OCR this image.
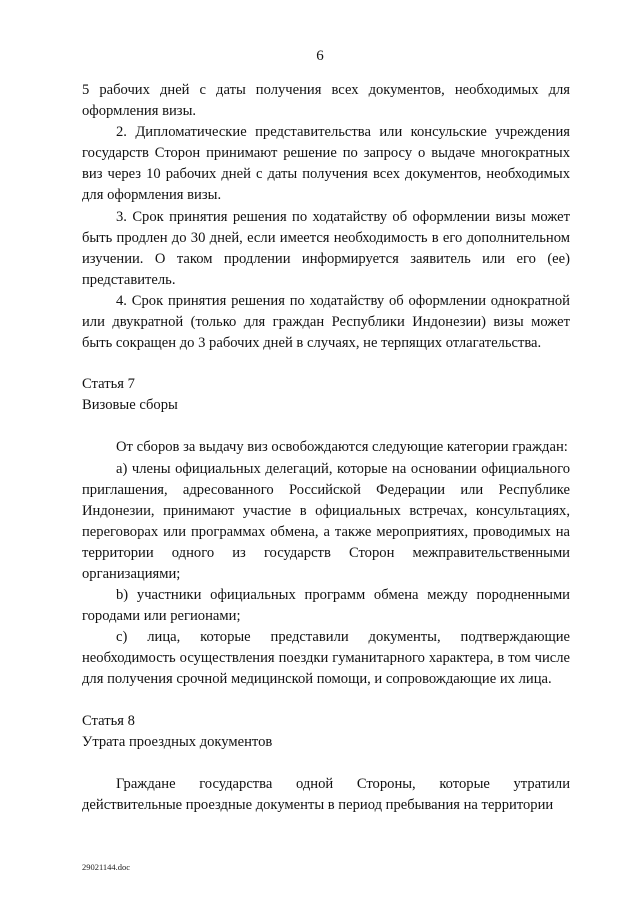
6

5 рабочих дней с даты получения всех документов, необходимых для оформления визы.

2. Дипломатические представительства или консульские учреждения государств Сторон принимают решение по запросу о выдаче многократных виз через 10 рабочих дней с даты получения всех документов, необходимых для оформления визы.

3. Срок принятия решения по ходатайству об оформлении визы может быть продлен до 30 дней, если имеется необходимость в его дополнительном изучении. О таком продлении информируется заявитель или его (ее) представитель.

4. Срок принятия решения по ходатайству об оформлении однократной или двукратной (только для граждан Республики Индонезии) визы может быть сокращен до 3 рабочих дней в случаях, не терпящих отлагательства.

Статья 7

Визовые сборы

От сборов за выдачу виз освобождаются следующие категории граждан:

a) члены официальных делегаций, которые на основании официального приглашения, адресованного Российской Федерации или Республике Индонезии, принимают участие в официальных встречах, консультациях, переговорах или программах обмена, а также мероприятиях, проводимых на территории одного из государств Сторон межправительственными организациями;

b) участники официальных программ обмена между породненными городами или регионами;

c) лица, которые представили документы, подтверждающие необходимость осуществления поездки гуманитарного характера, в том числе для получения срочной медицинской помощи, и сопровождающие их лица.

Статья 8

Утрата проездных документов

Граждане государства одной Стороны, которые утратили действительные проездные документы в период пребывания на территории

29021144.doc
